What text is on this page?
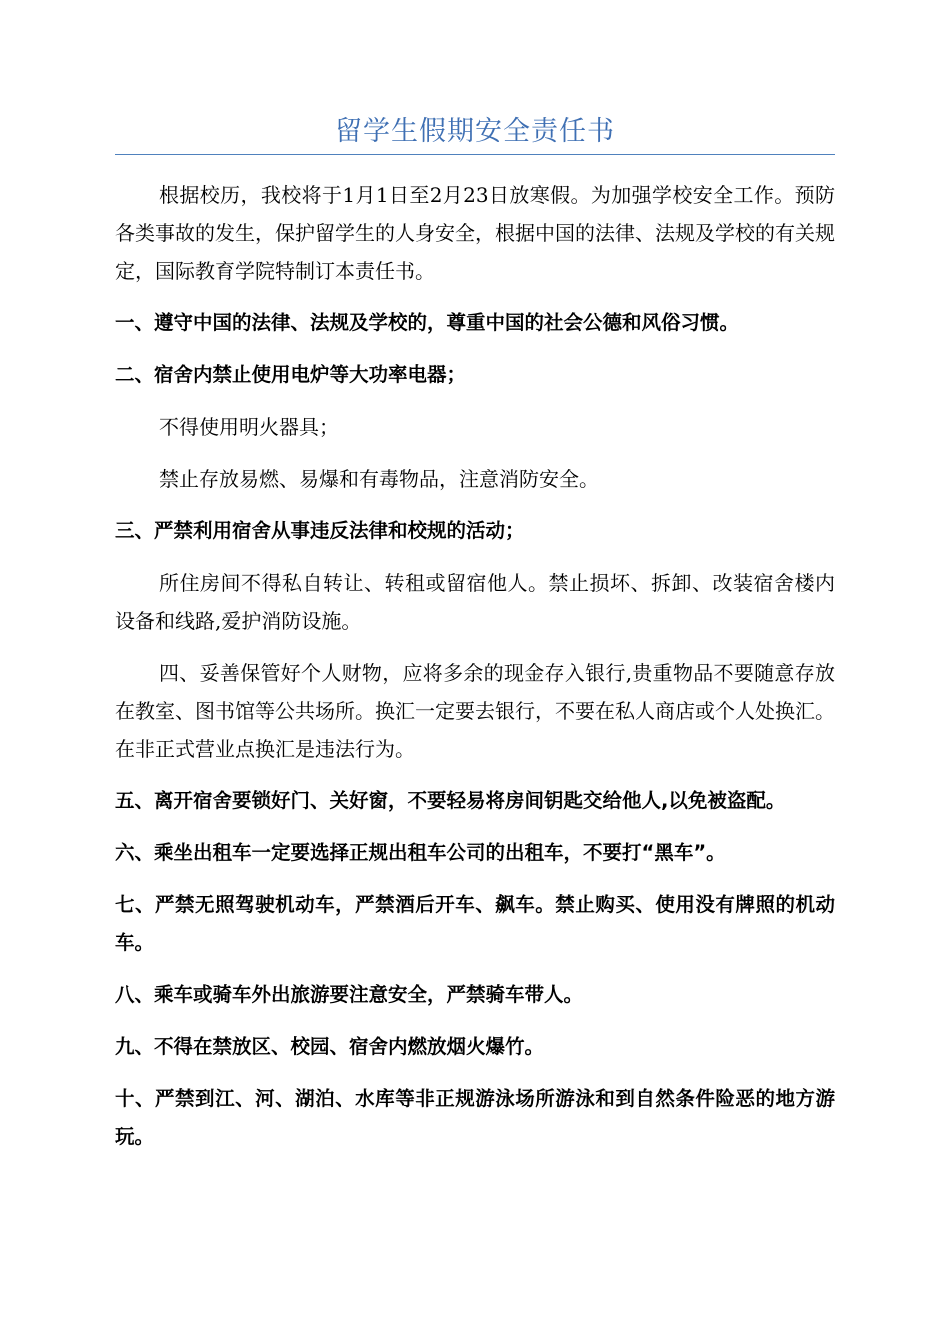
留学生假期安全责任书

根据校历，我校将于1月1日至2月23日放寒假。为加强学校安全工作。预防各类事故的发生，保护留学生的人身安全，根据中国的法律、法规及学校的有关规定，国际教育学院特制订本责任书。

一、遵守中国的法律、法规及学校的，尊重中国的社会公德和风俗习惯。

二、宿舍内禁止使用电炉等大功率电器；

不得使用明火器具；

禁止存放易燃、易爆和有毒物品，注意消防安全。

三、严禁利用宿舍从事违反法律和校规的活动；

所住房间不得私自转让、转租或留宿他人。禁止损坏、拆卸、改装宿舍楼内设备和线路,爱护消防设施。

四、妥善保管好个人财物，应将多余的现金存入银行,贵重物品不要随意存放在教室、图书馆等公共场所。换汇一定要去银行，不要在私人商店或个人处换汇。在非正式营业点换汇是违法行为。

五、离开宿舍要锁好门、关好窗，不要轻易将房间钥匙交给他人,以免被盗配。

六、乘坐出租车一定要选择正规出租车公司的出租车，不要打“黑车”。

七、严禁无照驾驶机动车，严禁酒后开车、飙车。禁止购买、使用没有牌照的机动车。

八、乘车或骑车外出旅游要注意安全，严禁骑车带人。

九、不得在禁放区、校园、宿舍内燃放烟火爆竹。

十、严禁到江、河、湖泊、水库等非正规游泳场所游泳和到自然条件险恶的地方游玩。
